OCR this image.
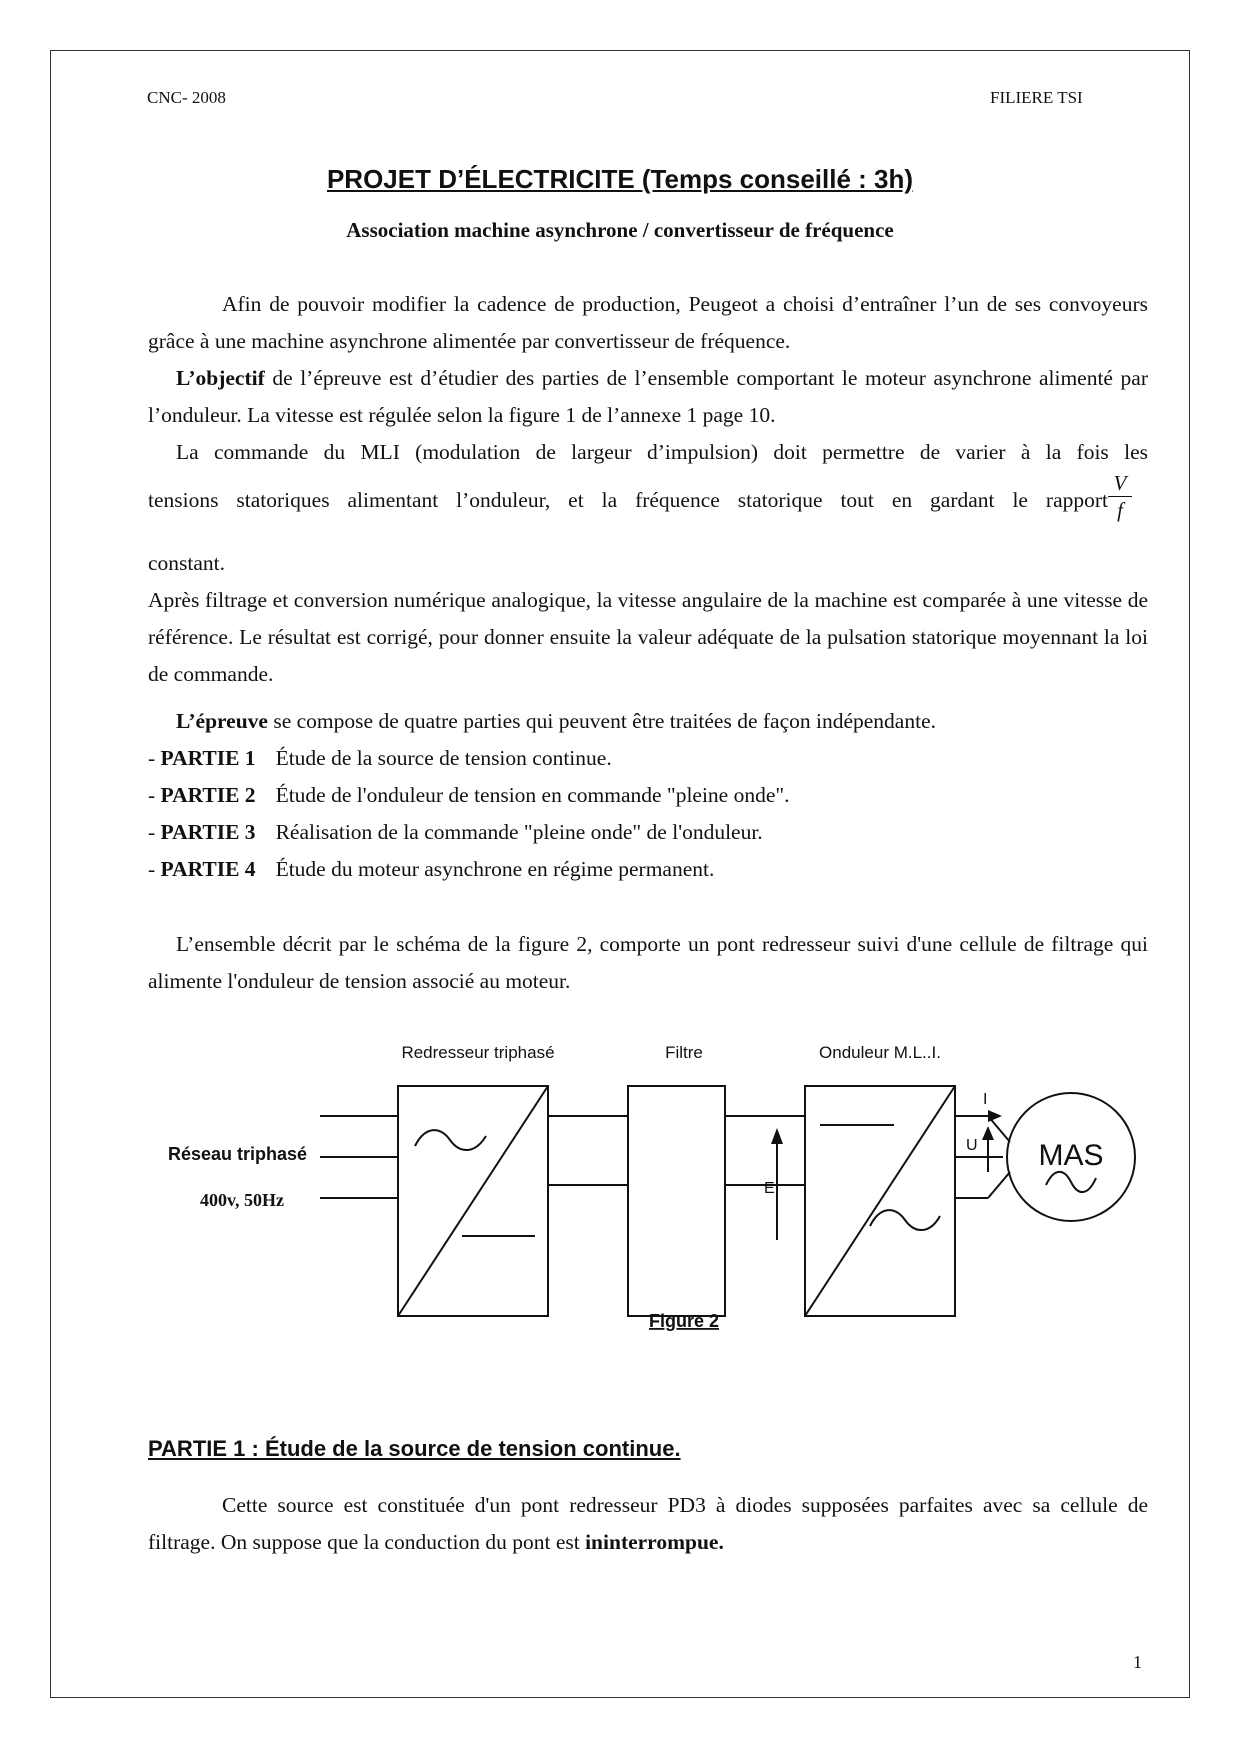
CNC- 2008	FILIERE TSI
PROJET D’ÉLECTRICITE (Temps conseillé : 3h)
Association machine asynchrone / convertisseur de fréquence

Afin de pouvoir modifier la cadence de production, Peugeot a choisi d’entraîner l’un de ses convoyeurs grâce à une machine asynchrone alimentée par convertisseur de fréquence.

L’objectif de l’épreuve est d’étudier des parties de l’ensemble comportant le moteur asynchrone alimenté par l’onduleur. La vitesse est régulée selon la figure 1 de l’annexe 1 page 10.

La commande du MLI (modulation de largeur d’impulsion) doit permettre de varier à la fois les

tensions statoriques alimentant l’onduleur, et la fréquence statorique tout en gardant le rapport $\frac{V}{f}$
constant.
Après filtrage et conversion numérique analogique, la vitesse angulaire de la machine est comparée à une vitesse de référence. Le résultat est corrigé, pour donner ensuite la valeur adéquate de la pulsation statorique moyennant la loi de commande.

L’épreuve se compose de quatre parties qui peuvent être traitées de façon indépendante.

- PARTIE 1 Étude de la source de tension continue.
- PARTIE 2 Étude de l'onduleur de tension en commande "pleine onde".
- PARTIE 3 Réalisation de la commande "pleine onde" de l'onduleur.
- PARTIE 4 Étude du moteur asynchrone en régime permanent.

L’ensemble décrit par le schéma de la figure 2, comporte un pont redresseur suivi d'une cellule de filtrage qui alimente l'onduleur de tension associé au moteur.

Redresseur triphasé	Filtre	Onduleur M.L..I.
Réseau triphasé
E
I
U MAS
Figure 2
400v, 50Hz
PARTIE 1 : Étude de la source de tension continue.

Cette source est constituée d'un pont redresseur PD3 à diodes supposées parfaites avec sa cellule de filtrage. On suppose que la conduction du pont est ininterrompue.

1
